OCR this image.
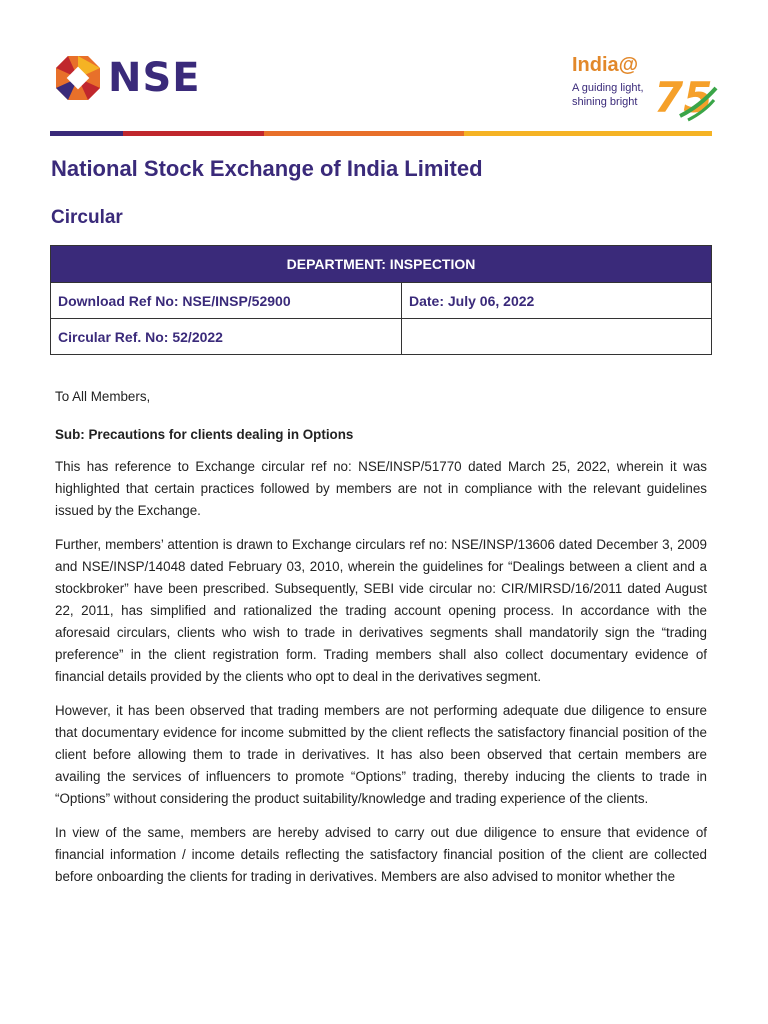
NSE	India@
A guiding light,
shining bright 75
National Stock Exchange of India Limited
Circular
DEPARTMENT: INSPECTION	
Download Ref No: NSE/INSP/52900	Date: July 06, 2022
Circular Ref. No: 52/2022	

To All Members,

Sub: Precautions for clients dealing in Options

This has reference to Exchange circular ref no: NSE/INSP/51770 dated March 25, 2022, wherein it was highlighted that certain practices followed by members are not in compliance with the relevant guidelines issued by the Exchange.

Further, members’ attention is drawn to Exchange circulars ref no: NSE/INSP/13606 dated December 3, 2009 and NSE/INSP/14048 dated February 03, 2010, wherein the guidelines for “Dealings between a client and a stockbroker” have been prescribed. Subsequently, SEBI vide circular no: CIR/MIRSD/16/2011 dated August 22, 2011, has simplified and rationalized the trading account opening process. In accordance with the aforesaid circulars, clients who wish to trade in derivatives segments shall mandatorily sign the “trading preference” in the client registration form. Trading members shall also collect documentary evidence of financial details provided by the clients who opt to deal in the derivatives segment.

However, it has been observed that trading members are not performing adequate due diligence to ensure that documentary evidence for income submitted by the client reflects the satisfactory financial position of the client before allowing them to trade in derivatives. It has also been observed that certain members are availing the services of influencers to promote “Options” trading, thereby inducing the clients to trade in “Options” without considering the product suitability/knowledge and trading experience of the clients.

In view of the same, members are hereby advised to carry out due diligence to ensure that evidence of financial information / income details reflecting the satisfactory financial position of the client are collected before onboarding the clients for trading in derivatives. Members are also advised to monitor whether the
